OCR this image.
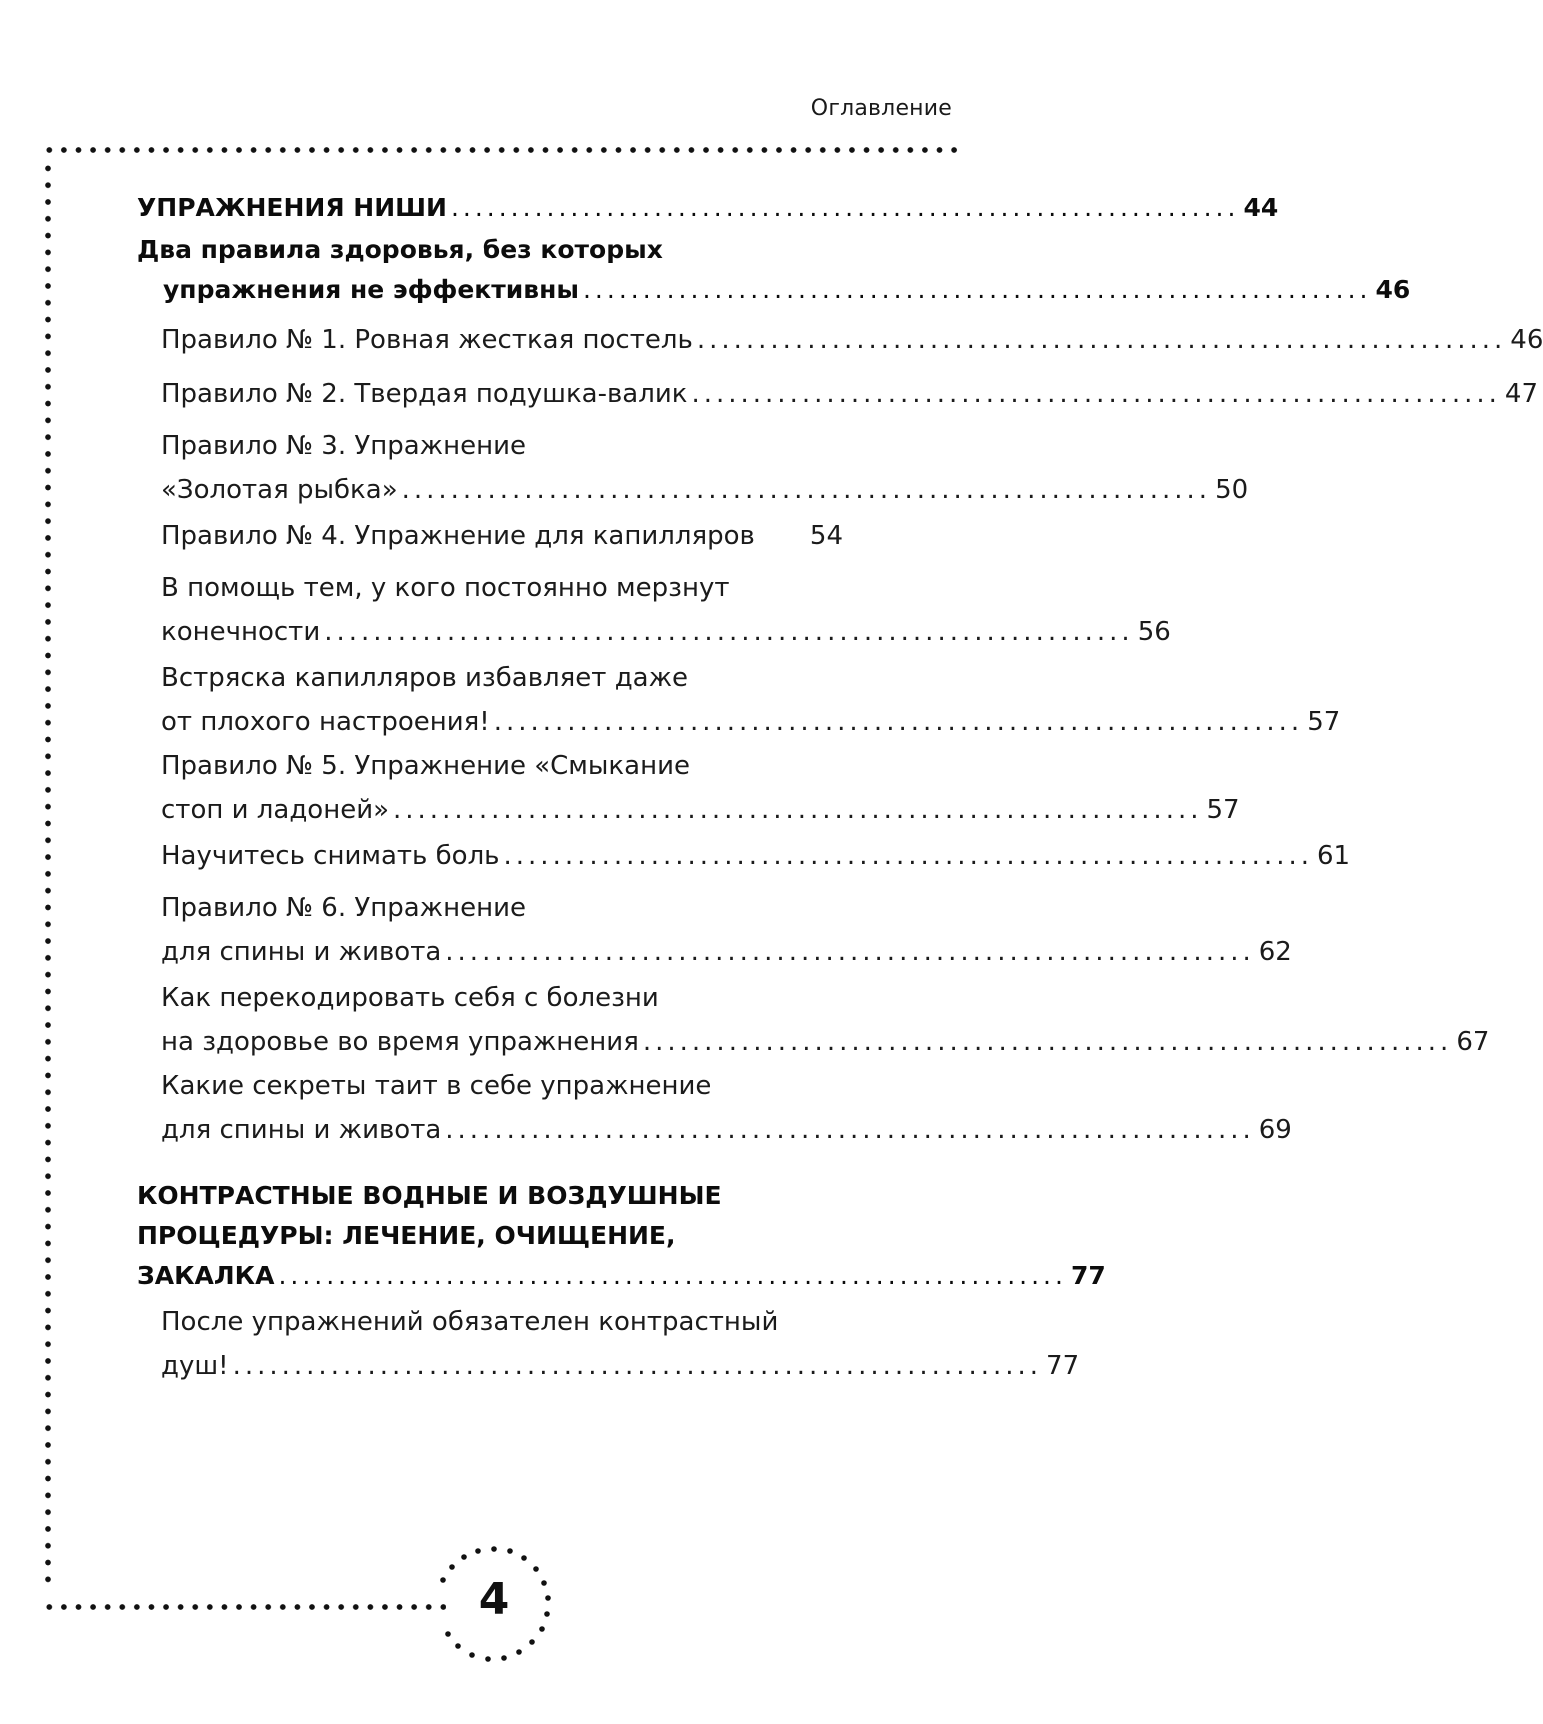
Оглавление
4
УПРАЖНЕНИЯ НИШИ .................................................................. 44
Два правила здоровья, без которых
упражнения не эффективны .................................................................. 46
Правило № 1. Ровная жесткая постель .................................................................. 46
Правило № 2. Твердая подушка-валик .................................................................. 47
Правило № 3. Упражнение
«Золотая рыбка» .................................................................. 50
Правило № 4. Упражнение для капилляров 54
В помощь тем, у кого постоянно мерзнут
конечности .................................................................. 56
Встряска капилляров избавляет даже
от плохого настроения! .................................................................. 57
Правило № 5. Упражнение «Смыкание
стоп и ладоней» .................................................................. 57
Научитесь снимать боль .................................................................. 61
Правило № 6. Упражнение
для спины и живота .................................................................. 62
Как перекодировать себя с болезни
на здоровье во время упражнения .................................................................. 67
Какие секреты таит в себе упражнение
для спины и живота .................................................................. 69
КОНТРАСТНЫЕ ВОДНЫЕ И ВОЗДУШНЫЕ
ПРОЦЕДУРЫ: ЛЕЧЕНИЕ, ОЧИЩЕНИЕ,
ЗАКАЛКА .................................................................. 77
После упражнений обязателен контрастный
душ! .................................................................. 77
